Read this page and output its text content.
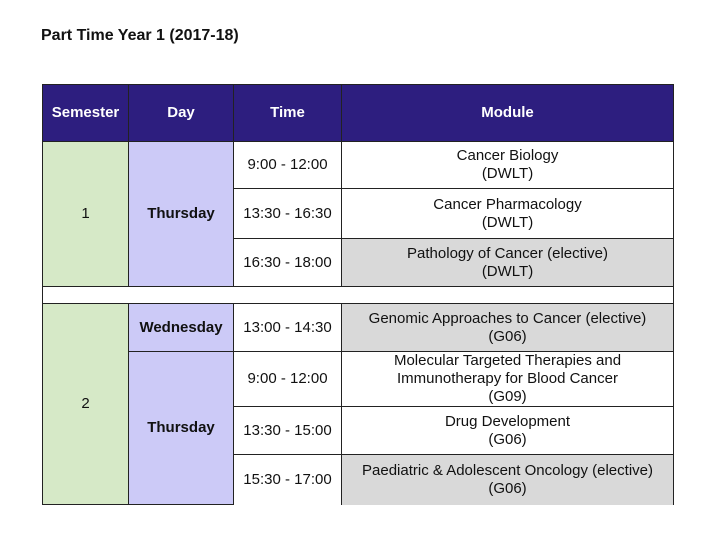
Part Time Year 1 (2017-18)
Semester	Day	Time	Module
1	Thursday	9:00 - 12:00	Cancer Biology
(DWLT)

		13:30 - 16:30	Cancer Pharmacology
(DWLT)

		16:30 - 18:00	Pathology of Cancer (elective)
(DWLT)

2	Wednesday	13:00 - 14:30	Genomic Approaches to Cancer (elective)
(G06)

	Thursday	9:00 - 12:00	Molecular Targeted Therapies and
Immunotherapy for Blood Cancer
(G09)

		13:30 - 15:00	Drug Development
(G06)

		15:30 - 17:00	Paediatric & Adolescent Oncology (elective)
(G06)
